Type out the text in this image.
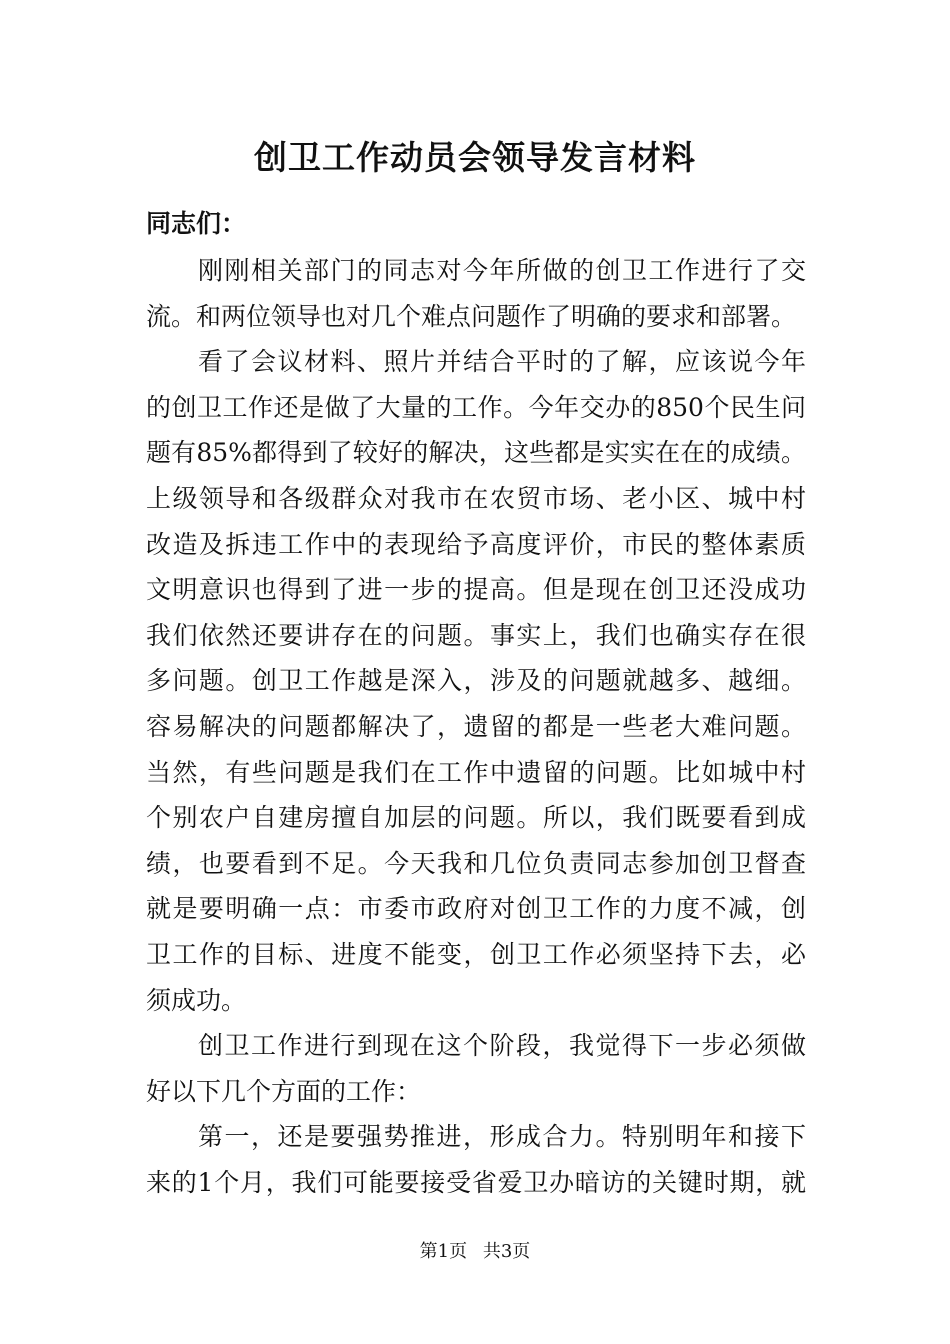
创卫工作动员会领导发言材料
同志们：
刚刚相关部门的同志对今年所做的创卫工作进行了交
流。和两位领导也对几个难点问题作了明确的要求和部署。
看了会议材料、照片并结合平时的了解，应该说今年
的创卫工作还是做了大量的工作。今年交办的850个民生问
题有85%都得到了较好的解决，这些都是实实在在的成绩。
上级领导和各级群众对我市在农贸市场、老小区、城中村
改造及拆违工作中的表现给予高度评价，市民的整体素质
文明意识也得到了进一步的提高。但是现在创卫还没成功
我们依然还要讲存在的问题。事实上，我们也确实存在很
多问题。创卫工作越是深入，涉及的问题就越多、越细。
容易解决的问题都解决了，遗留的都是一些老大难问题。
当然，有些问题是我们在工作中遗留的问题。比如城中村
个别农户自建房擅自加层的问题。所以，我们既要看到成
绩，也要看到不足。今天我和几位负责同志参加创卫督查
就是要明确一点：市委市政府对创卫工作的力度不减，创
卫工作的目标、进度不能变，创卫工作必须坚持下去，必
须成功。
创卫工作进行到现在这个阶段，我觉得下一步必须做
好以下几个方面的工作：
第一，还是要强势推进，形成合力。特别明年和接下
来的1个月，我们可能要接受省爱卫办暗访的关键时期，就
第1页 共3页
